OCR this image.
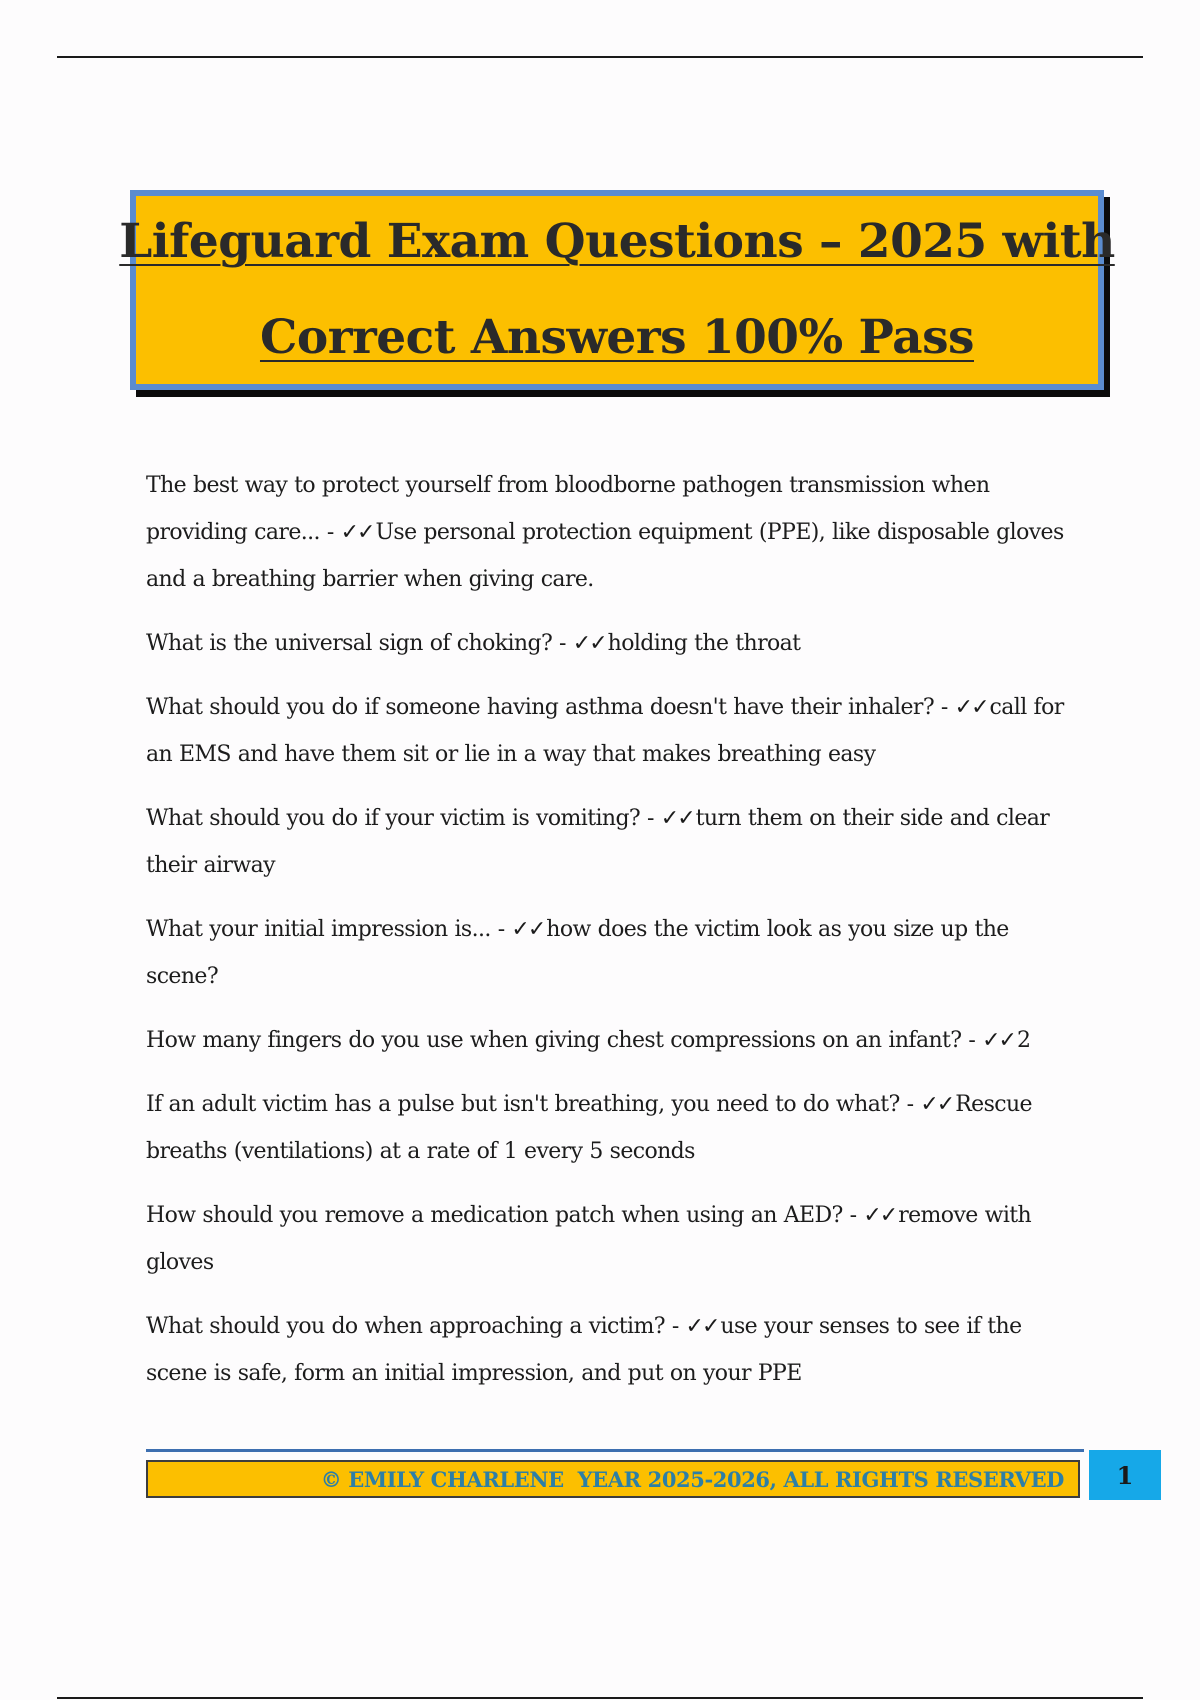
Lifeguard Exam Questions – 2025 with
Correct Answers 100% Pass
The best way to protect yourself from bloodborne pathogen transmission when providing care... - ✓✓Use personal protection equipment (PPE), like disposable gloves and a breathing barrier when giving care.
What is the universal sign of choking? - ✓✓holding the throat
What should you do if someone having asthma doesn't have their inhaler? - ✓✓call for an EMS and have them sit or lie in a way that makes breathing easy
What should you do if your victim is vomiting? - ✓✓turn them on their side and clear their airway
What your initial impression is... - ✓✓how does the victim look as you size up the scene?
How many fingers do you use when giving chest compressions on an infant? - ✓✓2
If an adult victim has a pulse but isn't breathing, you need to do what? - ✓✓Rescue breaths (ventilations) at a rate of 1 every 5 seconds
How should you remove a medication patch when using an AED? - ✓✓remove with gloves
What should you do when approaching a victim? - ✓✓use your senses to see if the scene is safe, form an initial impression, and put on your PPE
© EMILY CHARLENE  YEAR 2025-2026, ALL RIGHTS RESERVED 1
